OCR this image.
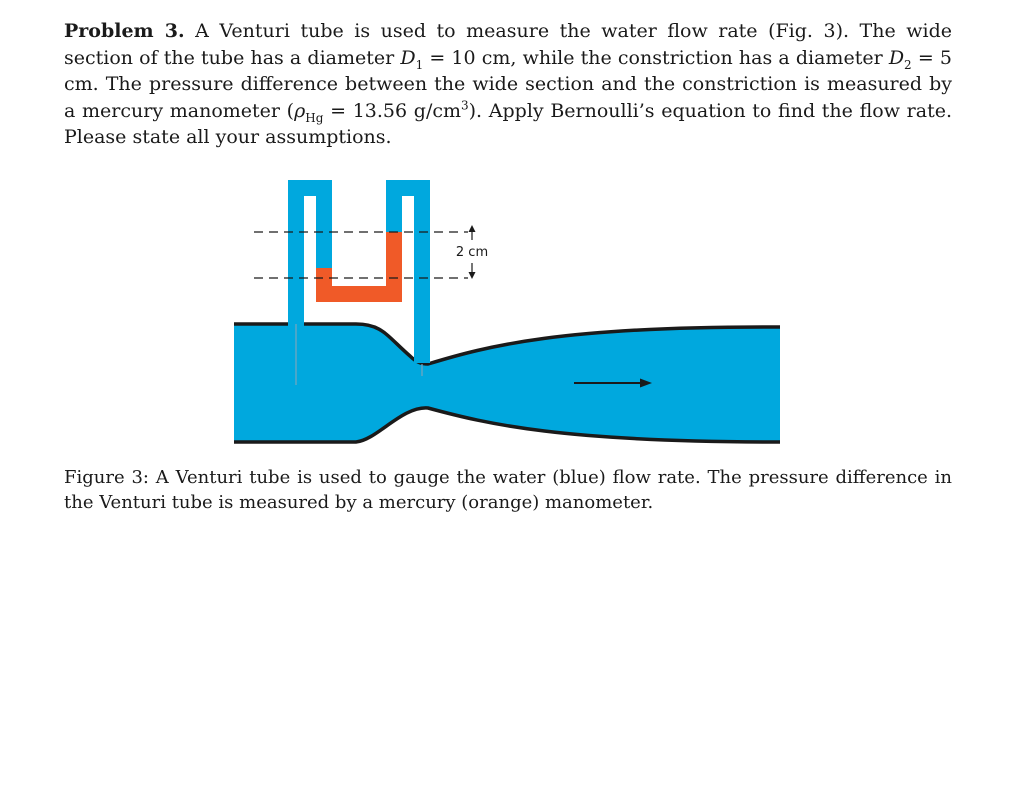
Problem 3. A Venturi tube is used to measure the water flow rate (Fig. 3). The wide section of the tube has a diameter $D_1 = 10$ cm, while the constriction has a diameter $D_2 = 5$ cm. The pressure difference between the wide section and the constriction is measured by a mercury manometer ($\rho_{Hg} = 13.56$ $g/cm^3$). Apply Bernoulli’s equation to find the flow rate. Please state all your assumptions.

2 cm

Figure 3: A Venturi tube is used to gauge the water (blue) flow rate. The pressure difference in the Venturi tube is measured by a mercury (orange) manometer.
